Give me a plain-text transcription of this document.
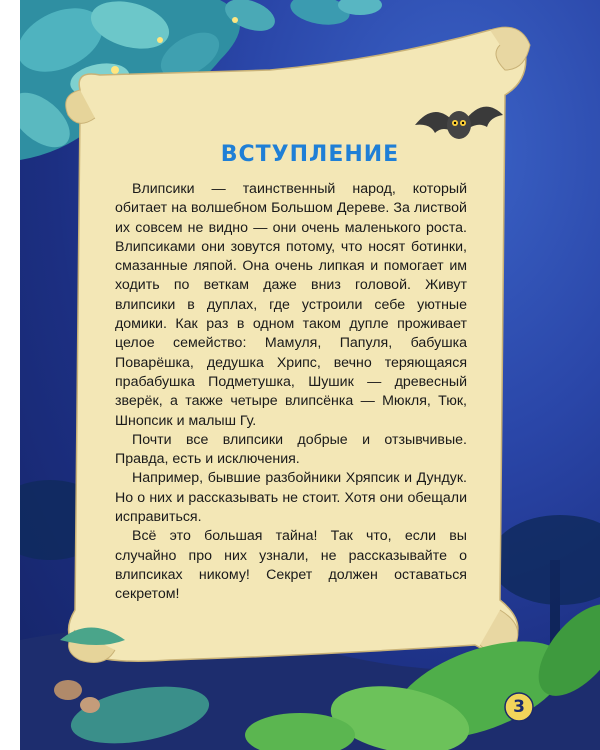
ВСТУПЛЕНИЕ

Влипсики — таинственный народ, который обитает на волшебном Большом Дереве. За листвой их совсем не видно — они очень маленького роста. Влипсиками они зовутся потому, что носят ботинки, смазанные ляпой. Она очень липкая и помогает им ходить по веткам даже вниз головой. Живут влипсики в дуплах, где устроили себе уютные домики. Как раз в одном таком дупле проживает целое семейство: Мамуля, Папуля, бабушка Поварёшка, дедушка Хрипс, вечно теряющаяся прабабушка Подметушка, Шушик — древесный зверёк, а также четыре влипсёнка — Мюкля, Тюк, Шнопсик и малыш Гу.

Почти все влипсики добрые и отзывчивые. Правда, есть и исключения.

Например, бывшие разбойники Хряпсик и Дундук. Но о них и рассказывать не стоит. Хотя они обещали исправиться.

Всё это большая тайна! Так что, если вы случайно про них узнали, не рассказывайте о влипсиках никому! Секрет должен оставаться секретом!

3
